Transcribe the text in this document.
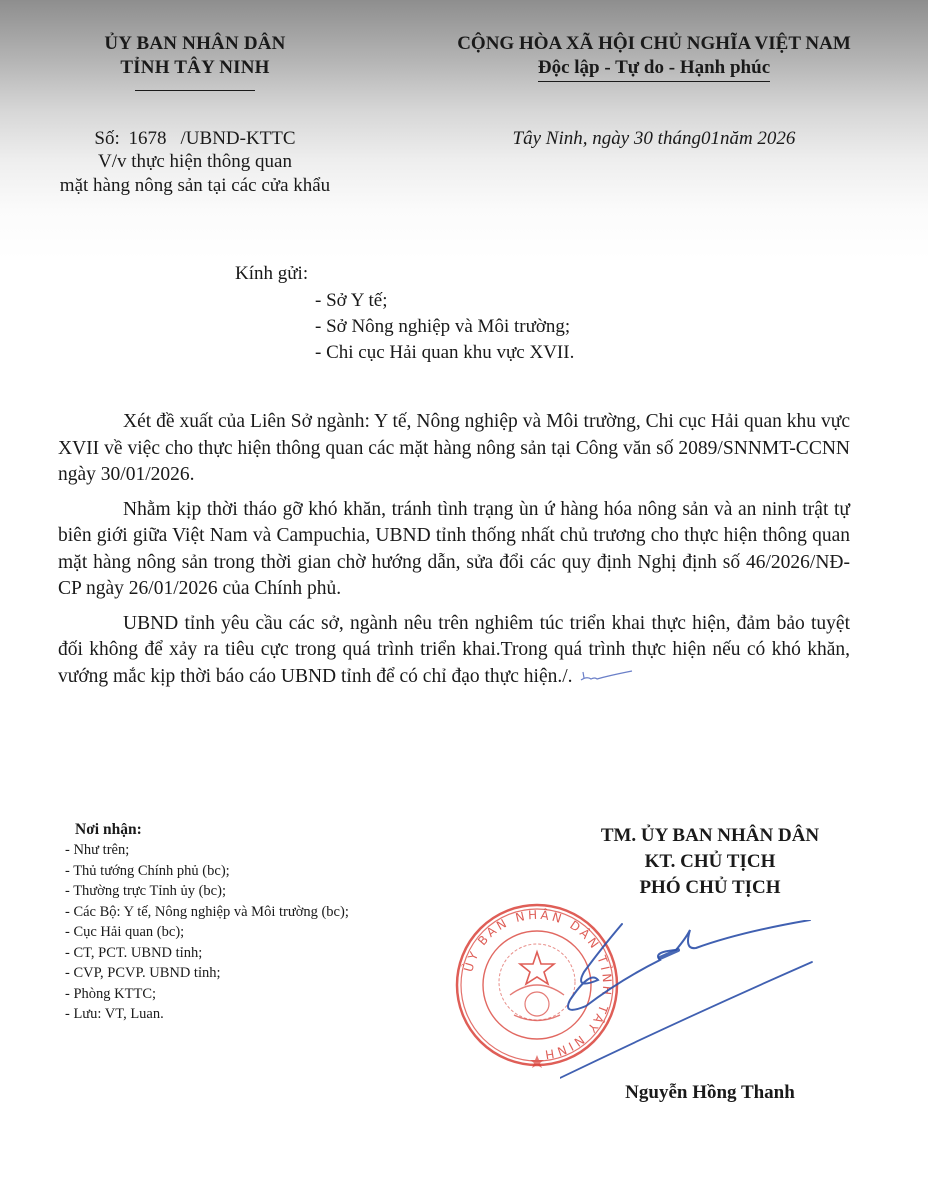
ỦY BAN NHÂN DÂN
TỈNH TÂY NINH
Số: 1678 /UBND-KTTC
V/v thực hiện thông quan
mặt hàng nông sản tại các cửa khẩu
CỘNG HÒA XÃ HỘI CHỦ NGHĨA VIỆT NAM
Độc lập - Tự do - Hạnh phúc
Tây Ninh, ngày 30 tháng01năm 2026
Kính gửi:
- Sở Y tế;
- Sở Nông nghiệp và Môi trường;
- Chi cục Hải quan khu vực XVII.

Xét đề xuất của Liên Sở ngành: Y tế, Nông nghiệp và Môi trường, Chi cục Hải quan khu vực XVII về việc cho thực hiện thông quan các mặt hàng nông sản tại Công văn số 2089/SNNMT-CCNN ngày 30/01/2026.

Nhằm kịp thời tháo gỡ khó khăn, tránh tình trạng ùn ứ hàng hóa nông sản và an ninh trật tự biên giới giữa Việt Nam và Campuchia, UBND tỉnh thống nhất chủ trương cho thực hiện thông quan mặt hàng nông sản trong thời gian chờ hướng dẫn, sửa đổi các quy định Nghị định số 46/2026/NĐ-CP ngày 26/01/2026 của Chính phủ.

UBND tỉnh yêu cầu các sở, ngành nêu trên nghiêm túc triển khai thực hiện, đảm bảo tuyệt đối không để xảy ra tiêu cực trong quá trình triển khai.Trong quá trình thực hiện nếu có khó khăn, vướng mắc kịp thời báo cáo UBND tỉnh để có chỉ đạo thực hiện./.

Nơi nhận:
- Như trên;
- Thủ tướng Chính phủ (bc);
- Thường trực Tỉnh ủy (bc);
- Các Bộ: Y tế, Nông nghiệp và Môi trường (bc);
- Cục Hải quan (bc);
- CT, PCT. UBND tỉnh;
- CVP, PCVP. UBND tỉnh;
- Phòng KTTC;
- Lưu: VT, Luan.
TM. ỦY BAN NHÂN DÂN
KT. CHỦ TỊCH
PHÓ CHỦ TỊCH
ỦY BAN NHÂN DÂN TỈNH TÂY NINH
Nguyễn Hồng Thanh
